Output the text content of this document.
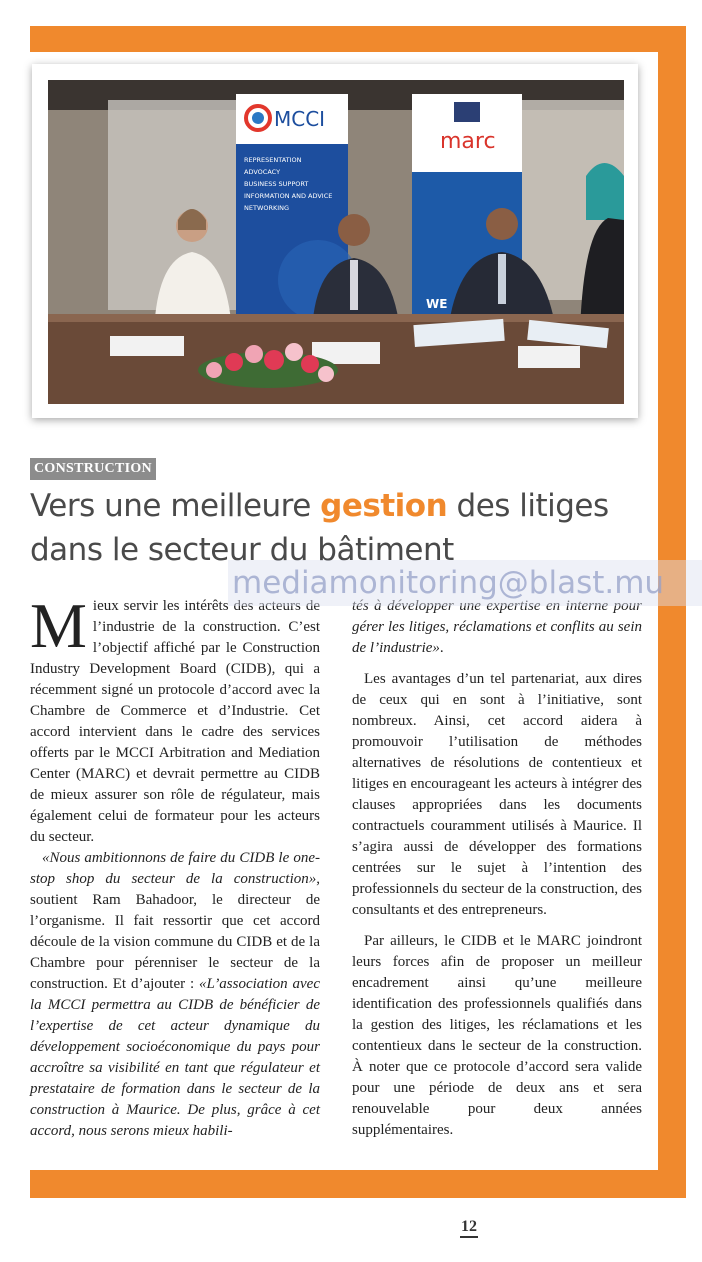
MCCI
REPRESENTATION
ADVOCACY
BUSINESS SUPPORT
INFORMATION AND ADVICE
NETWORKING
marc
WE
CONSTRUCTION
Vers une meilleure gestion des litiges dans le secteur du bâtiment

Mieux servir les intérêts des acteurs de l’industrie de la construction. C’est l’objectif affiché par le Construction Industry Development Board (CIDB), qui a récemment signé un protocole d’accord avec la Chambre de Commerce et d’Industrie. Cet accord intervient dans le cadre des services offerts par le MCCI Arbitration and Mediation Center (MARC) et devrait permettre au CIDB de mieux assurer son rôle de régulateur, mais également celui de formateur pour les acteurs du secteur.

«Nous ambitionnons de faire du CIDB le one-stop shop du secteur de la construction», soutient Ram Bahadoor, le directeur de l’organisme. Il fait ressortir que cet accord découle de la vision commune du CIDB et de la Chambre pour pérenniser le secteur de la construction. Et d’ajouter : «L’association avec la MCCI permettra au CIDB de bénéficier de l’expertise de cet acteur dynamique du développement socioéconomique du pays pour accroître sa visibilité en tant que régulateur et prestataire de formation dans le secteur de la construction à Maurice. De plus, grâce à cet accord, nous serons mieux habili-

tés à développer une expertise en interne pour gérer les litiges, réclamations et conflits au sein de l’industrie».

Les avantages d’un tel partenariat, aux dires de ceux qui en sont à l’initiative, sont nombreux. Ainsi, cet accord aidera à promouvoir l’utilisation de méthodes alternatives de résolutions de contentieux et litiges en encourageant les acteurs à intégrer des clauses appropriées dans les documents contractuels couramment utilisés à Maurice. Il s’agira aussi de développer des formations centrées sur le sujet à l’intention des professionnels du secteur de la construction, des consultants et des entrepreneurs.

Par ailleurs, le CIDB et le MARC joindront leurs forces afin de proposer un meilleur encadrement ainsi qu’une meilleure identification des professionnels qualifiés dans la gestion des litiges, les réclamations et les contentieux dans le secteur de la construction. À noter que ce protocole d’accord sera valide pour une période de deux ans et sera renouvelable pour deux années supplémentaires.

mediamonitoring@blast.mu
12
